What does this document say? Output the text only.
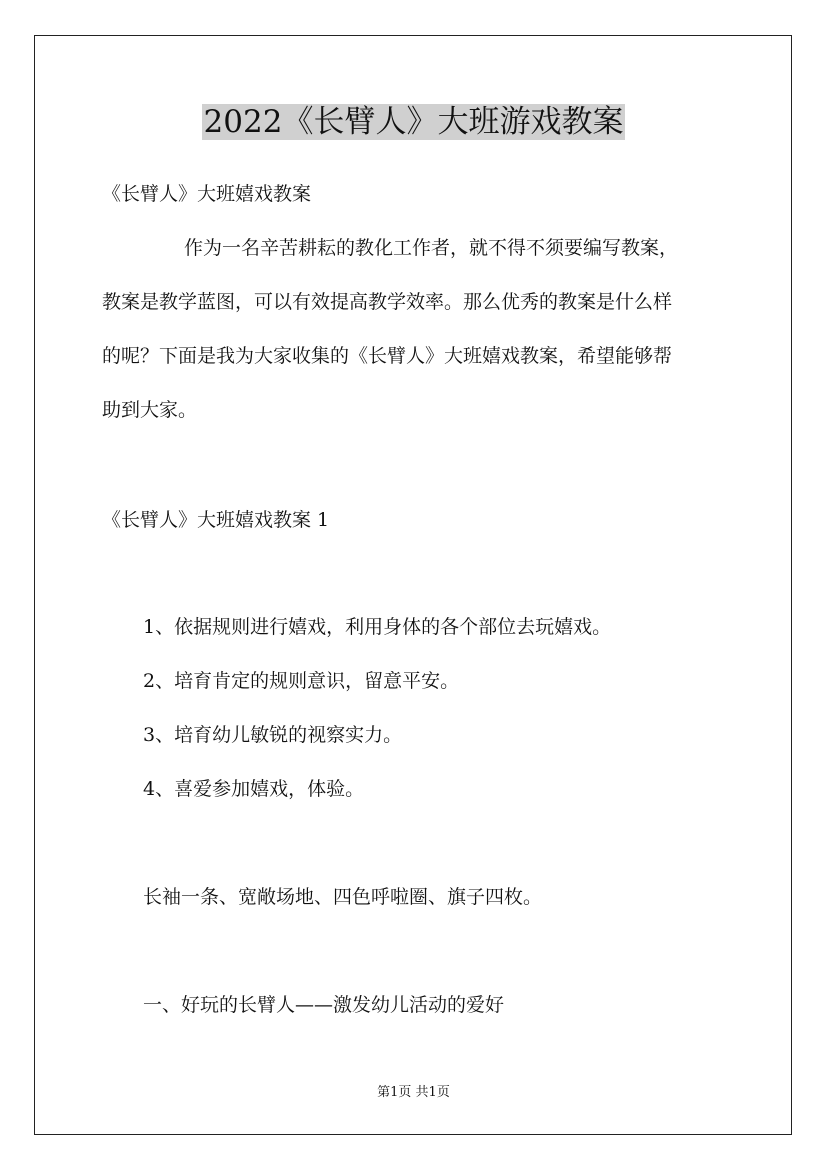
2022《长臂人》大班游戏教案

《长臂人》大班嬉戏教案

作为一名辛苦耕耘的教化工作者，就不得不须要编写教案，

教案是教学蓝图，可以有效提高教学效率。那么优秀的教案是什么样

的呢？下面是我为大家收集的《长臂人》大班嬉戏教案，希望能够帮

助到大家。

《长臂人》大班嬉戏教案 1

1、依据规则进行嬉戏，利用身体的各个部位去玩嬉戏。

2、培育肯定的规则意识，留意平安。

3、培育幼儿敏锐的视察实力。

4、喜爱参加嬉戏，体验。

长袖一条、宽敞场地、四色呼啦圈、旗子四枚。

一、好玩的长臂人——激发幼儿活动的爱好

第1页 共1页
